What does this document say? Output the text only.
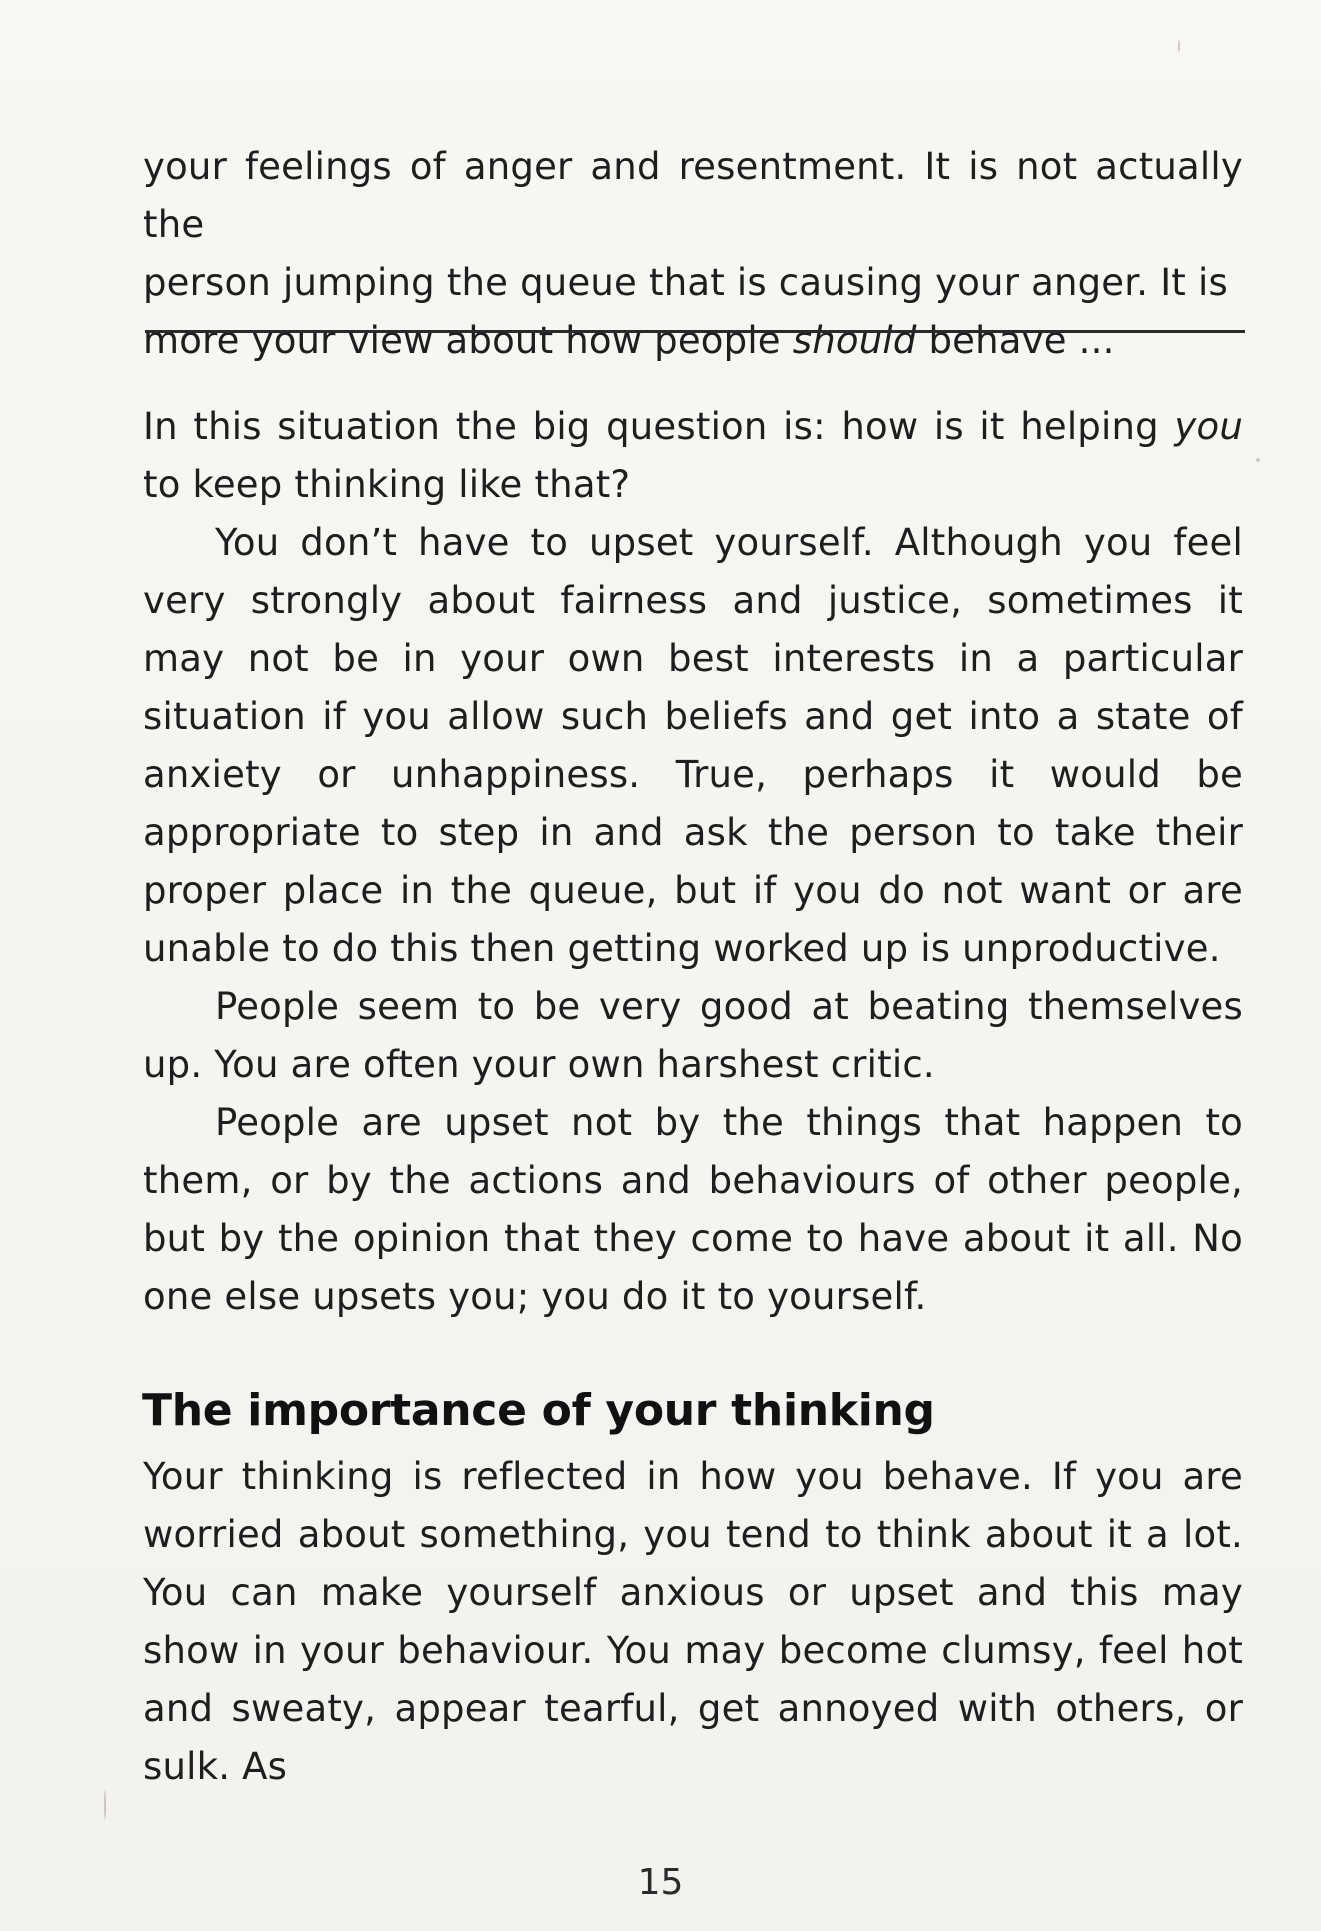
your feelings of anger and resentment. It is not actually the

person jumping the queue that is causing your anger. It is

more your view about how people should behave ...

In this situation the big question is: how is it helping you to keep thinking like that?

You don’t have to upset yourself. Although you feel very strongly about fairness and justice, sometimes it may not be in your own best interests in a particular situation if you allow such beliefs and get into a state of anxiety or unhappiness. True, perhaps it would be appropriate to step in and ask the person to take their proper place in the queue, but if you do not want or are unable to do this then getting worked up is unproductive.

People seem to be very good at beating themselves up. You are often your own harshest critic.

People are upset not by the things that happen to them, or by the actions and behaviours of other people, but by the opinion that they come to have about it all. No one else upsets you; you do it to yourself.

The importance of your thinking

Your thinking is reflected in how you behave. If you are worried about something, you tend to think about it a lot. You can make yourself anxious or upset and this may show in your behaviour. You may become clumsy, feel hot and sweaty, appear tearful, get annoyed with others, or sulk. As

15
